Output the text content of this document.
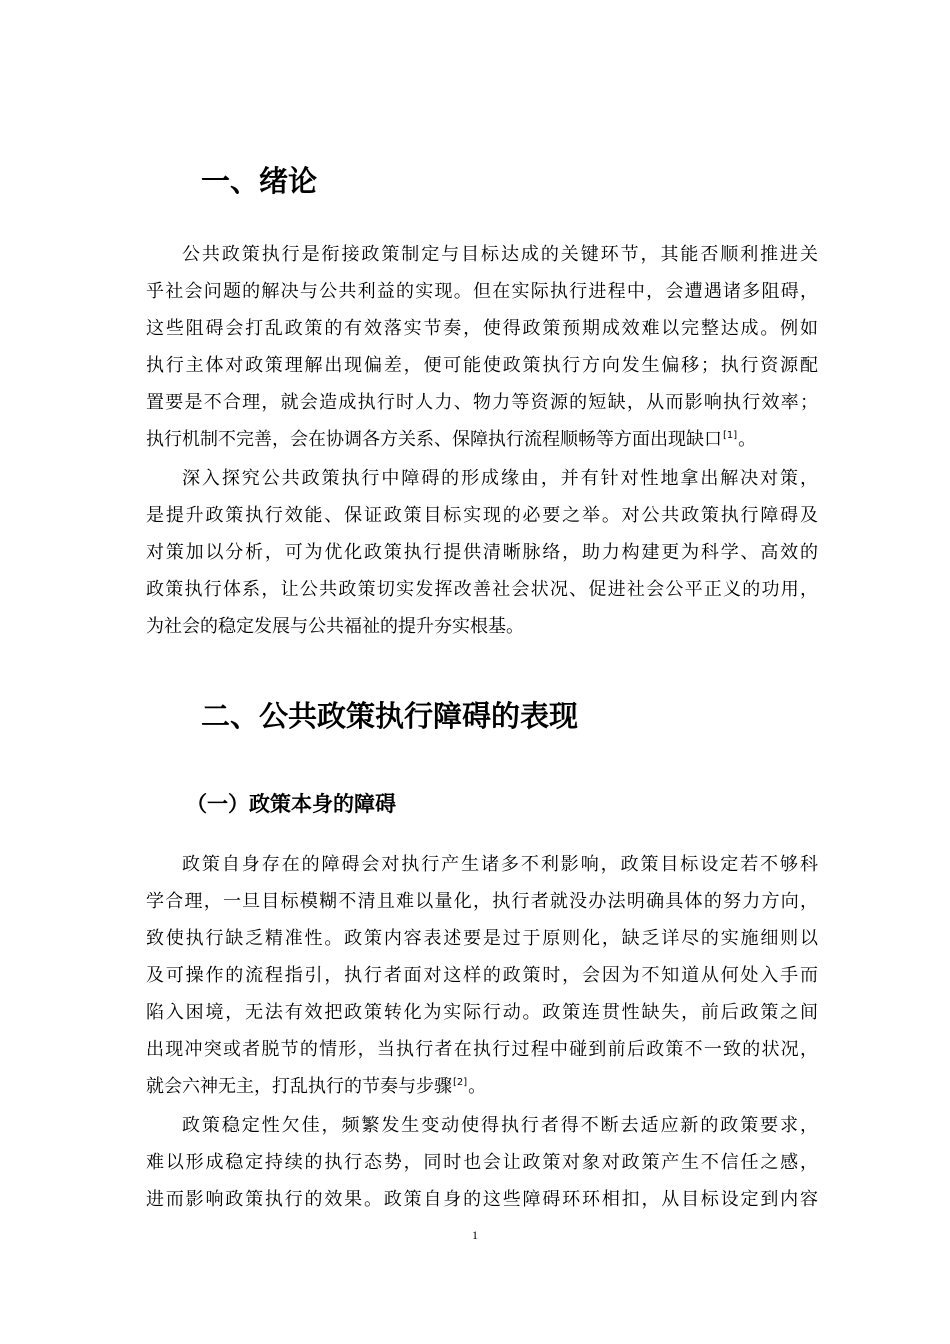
一、绪论
公共政策执行是衔接政策制定与目标达成的关键环节，其能否顺利推进关
乎社会问题的解决与公共利益的实现。但在实际执行进程中，会遭遇诸多阻碍，
这些阻碍会打乱政策的有效落实节奏，使得政策预期成效难以完整达成。例如
执行主体对政策理解出现偏差，便可能使政策执行方向发生偏移；执行资源配
置要是不合理，就会造成执行时人力、物力等资源的短缺，从而影响执行效率；
执行机制不完善，会在协调各方关系、保障执行流程顺畅等方面出现缺口[1]。
深入探究公共政策执行中障碍的形成缘由，并有针对性地拿出解决对策，
是提升政策执行效能、保证政策目标实现的必要之举。对公共政策执行障碍及
对策加以分析，可为优化政策执行提供清晰脉络，助力构建更为科学、高效的
政策执行体系，让公共政策切实发挥改善社会状况、促进社会公平正义的功用，
为社会的稳定发展与公共福祉的提升夯实根基。
二、公共政策执行障碍的表现
（一）政策本身的障碍
政策自身存在的障碍会对执行产生诸多不利影响，政策目标设定若不够科
学合理，一旦目标模糊不清且难以量化，执行者就没办法明确具体的努力方向，
致使执行缺乏精准性。政策内容表述要是过于原则化，缺乏详尽的实施细则以
及可操作的流程指引，执行者面对这样的政策时，会因为不知道从何处入手而
陷入困境，无法有效把政策转化为实际行动。政策连贯性缺失，前后政策之间
出现冲突或者脱节的情形，当执行者在执行过程中碰到前后政策不一致的状况，
就会六神无主，打乱执行的节奏与步骤[2]。
政策稳定性欠佳，频繁发生变动使得执行者得不断去适应新的政策要求，
难以形成稳定持续的执行态势，同时也会让政策对象对政策产生不信任之感，
进而影响政策执行的效果。政策自身的这些障碍环环相扣，从目标设定到内容
1
